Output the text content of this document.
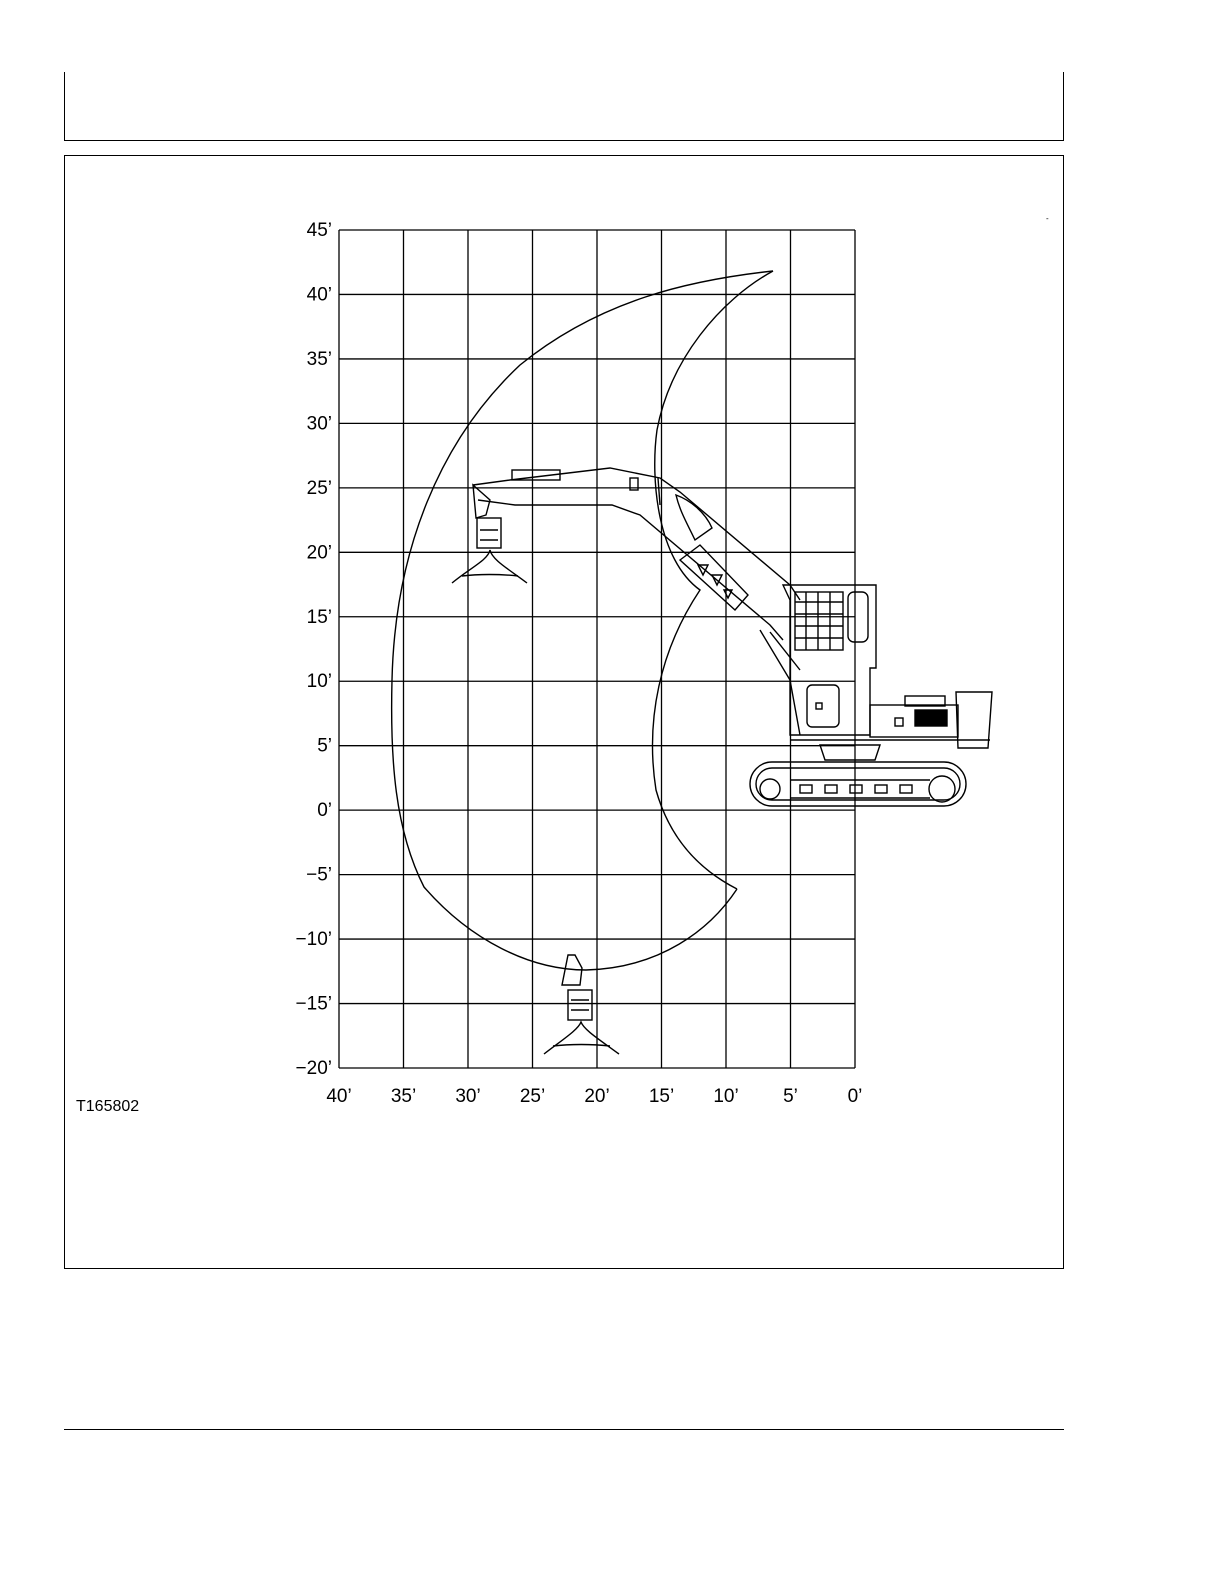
-
45’
40’
35’
30’
25’
20’
15’
10’
5’
0’
−5’
−10’
−15’
−20’
40’ 35’ 30’ 25’ 20’ 15’ 10’ 5’	0’
T165802
